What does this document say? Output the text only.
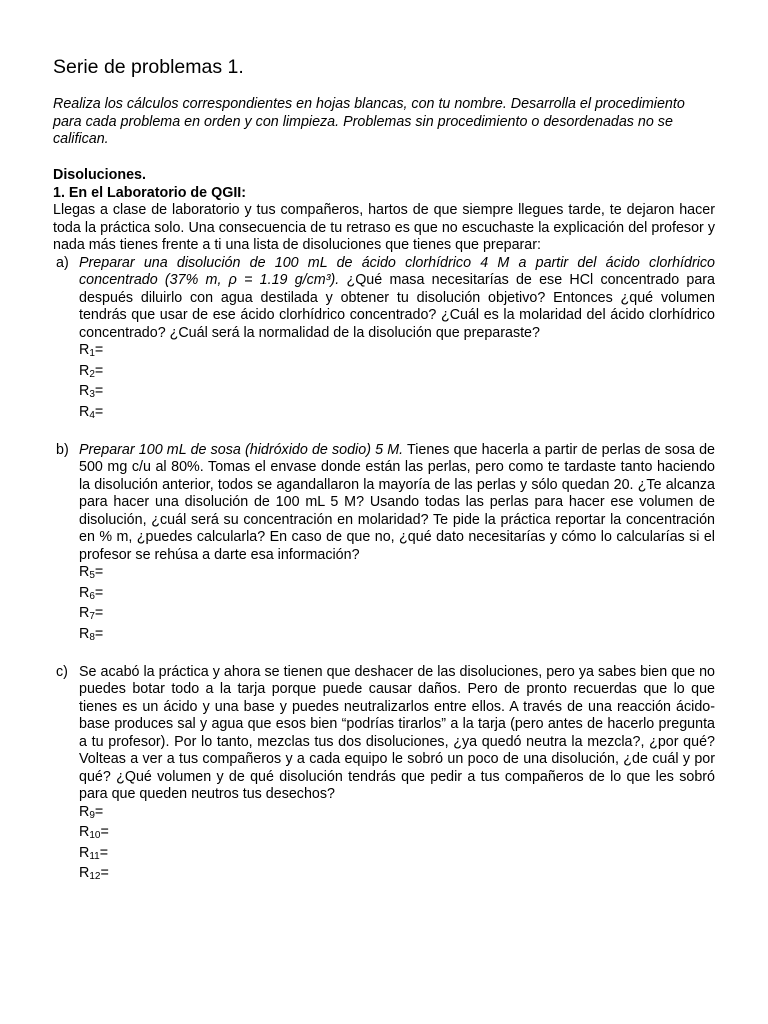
Serie de problemas 1.

Realiza los cálculos correspondientes en hojas blancas, con tu nombre. Desarrolla el procedimiento para cada problema en orden y con limpieza. Problemas sin procedimiento o desordenadas no se califican.

Disoluciones.

1. En el Laboratorio de QGII:

Llegas a clase de laboratorio y tus compañeros, hartos de que siempre llegues tarde, te dejaron hacer toda la práctica solo. Una consecuencia de tu retraso es que no escuchaste la explicación del profesor y nada más tienes frente a ti una lista de disoluciones que tienes que preparar:

a) Preparar una disolución de 100 mL de ácido clorhídrico 4 M a partir del ácido clorhídrico concentrado (37% m, ρ = 1.19 g/cm³). ¿Qué masa necesitarías de ese HCl concentrado para después diluirlo con agua destilada y obtener tu disolución objetivo? Entonces ¿qué volumen tendrás que usar de ese ácido clorhídrico concentrado? ¿Cuál es la molaridad del ácido clorhídrico concentrado? ¿Cuál será la normalidad de la disolución que preparaste?

$R_1=$

$R_2=$

$R_3=$

$R_4=$

b) Preparar 100 mL de sosa (hidróxido de sodio) 5 M. Tienes que hacerla a partir de perlas de sosa de 500 mg c/u al 80%. Tomas el envase donde están las perlas, pero como te tardaste tanto haciendo la disolución anterior, todos se agandallaron la mayoría de las perlas y sólo quedan 20. ¿Te alcanza para hacer una disolución de 100 mL 5 M? Usando todas las perlas para hacer ese volumen de disolución, ¿cuál será su concentración en molaridad? Te pide la práctica reportar la concentración en % m, ¿puedes calcularla? En caso de que no, ¿qué dato necesitarías y cómo lo calcularías si el profesor se rehúsa a darte esa información?

$R_5=$

$R_6=$

$R_7=$

$R_8=$

c) Se acabó la práctica y ahora se tienen que deshacer de las disoluciones, pero ya sabes bien que no puedes botar todo a la tarja porque puede causar daños. Pero de pronto recuerdas que lo que tienes es un ácido y una base y puedes neutralizarlos entre ellos. A través de una reacción ácido-base produces sal y agua que esos bien “podrías tirarlos” a la tarja (pero antes de hacerlo pregunta a tu profesor). Por lo tanto, mezclas tus dos disoluciones, ¿ya quedó neutra la mezcla?, ¿por qué? Volteas a ver a tus compañeros y a cada equipo le sobró un poco de una disolución, ¿de cuál y por qué? ¿Qué volumen y de qué disolución tendrás que pedir a tus compañeros de lo que les sobró para que queden neutros tus desechos?

$R_9=$

$R_{10}=$

$R_{11}=$

$R_{12}=$
